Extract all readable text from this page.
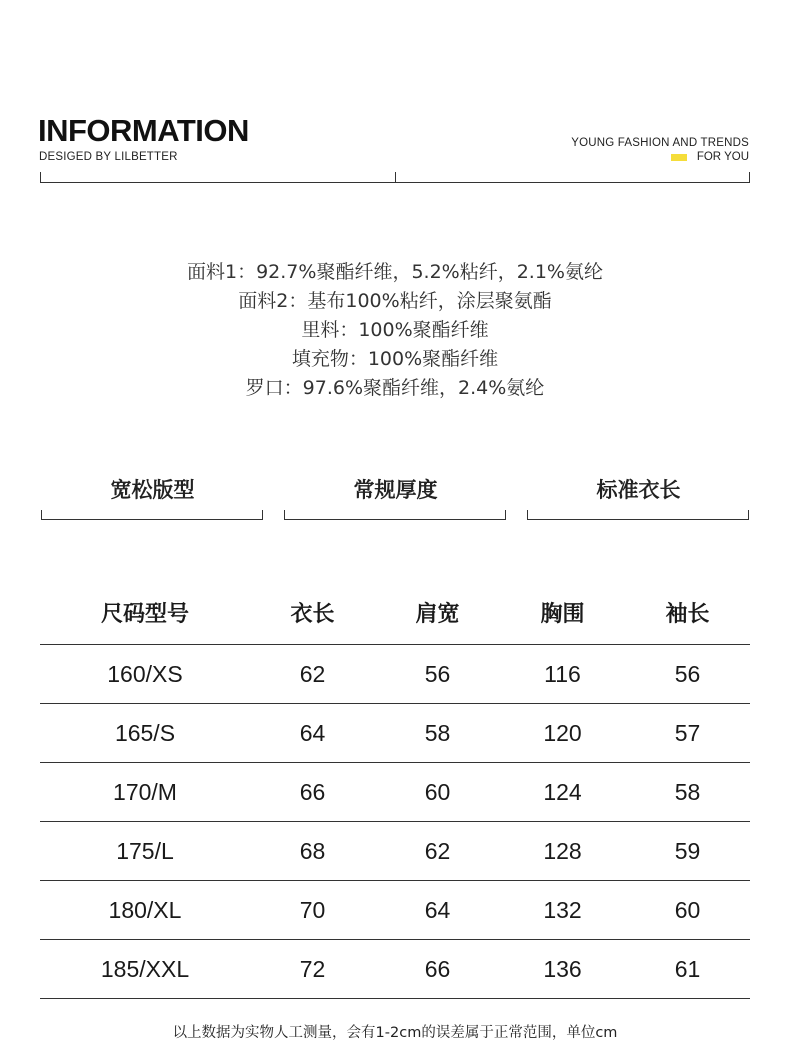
INFORMATION
DESIGED BY LILBETTER
YOUNG FASHION AND TRENDS
FOR YOU
面料1：92.7%聚酯纤维，5.2%粘纤，2.1%氨纶
面料2：基布100%粘纤，涂层聚氨酯
里料：100%聚酯纤维
填充物：100%聚酯纤维
罗口：97.6%聚酯纤维，2.4%氨纶
宽松版型	常规厚度	标准衣长
尺码型号	衣长	肩宽	胸围	袖长
160/XS	62	56	116	56
165/S	64	58	120	57
170/M	66	60	124	58
175/L	68	62	128	59
180/XL	70	64	132	60
185/XXL	72	66	136	61
以上数据为实物人工测量，会有1-2cm的误差属于正常范围，单位cm
